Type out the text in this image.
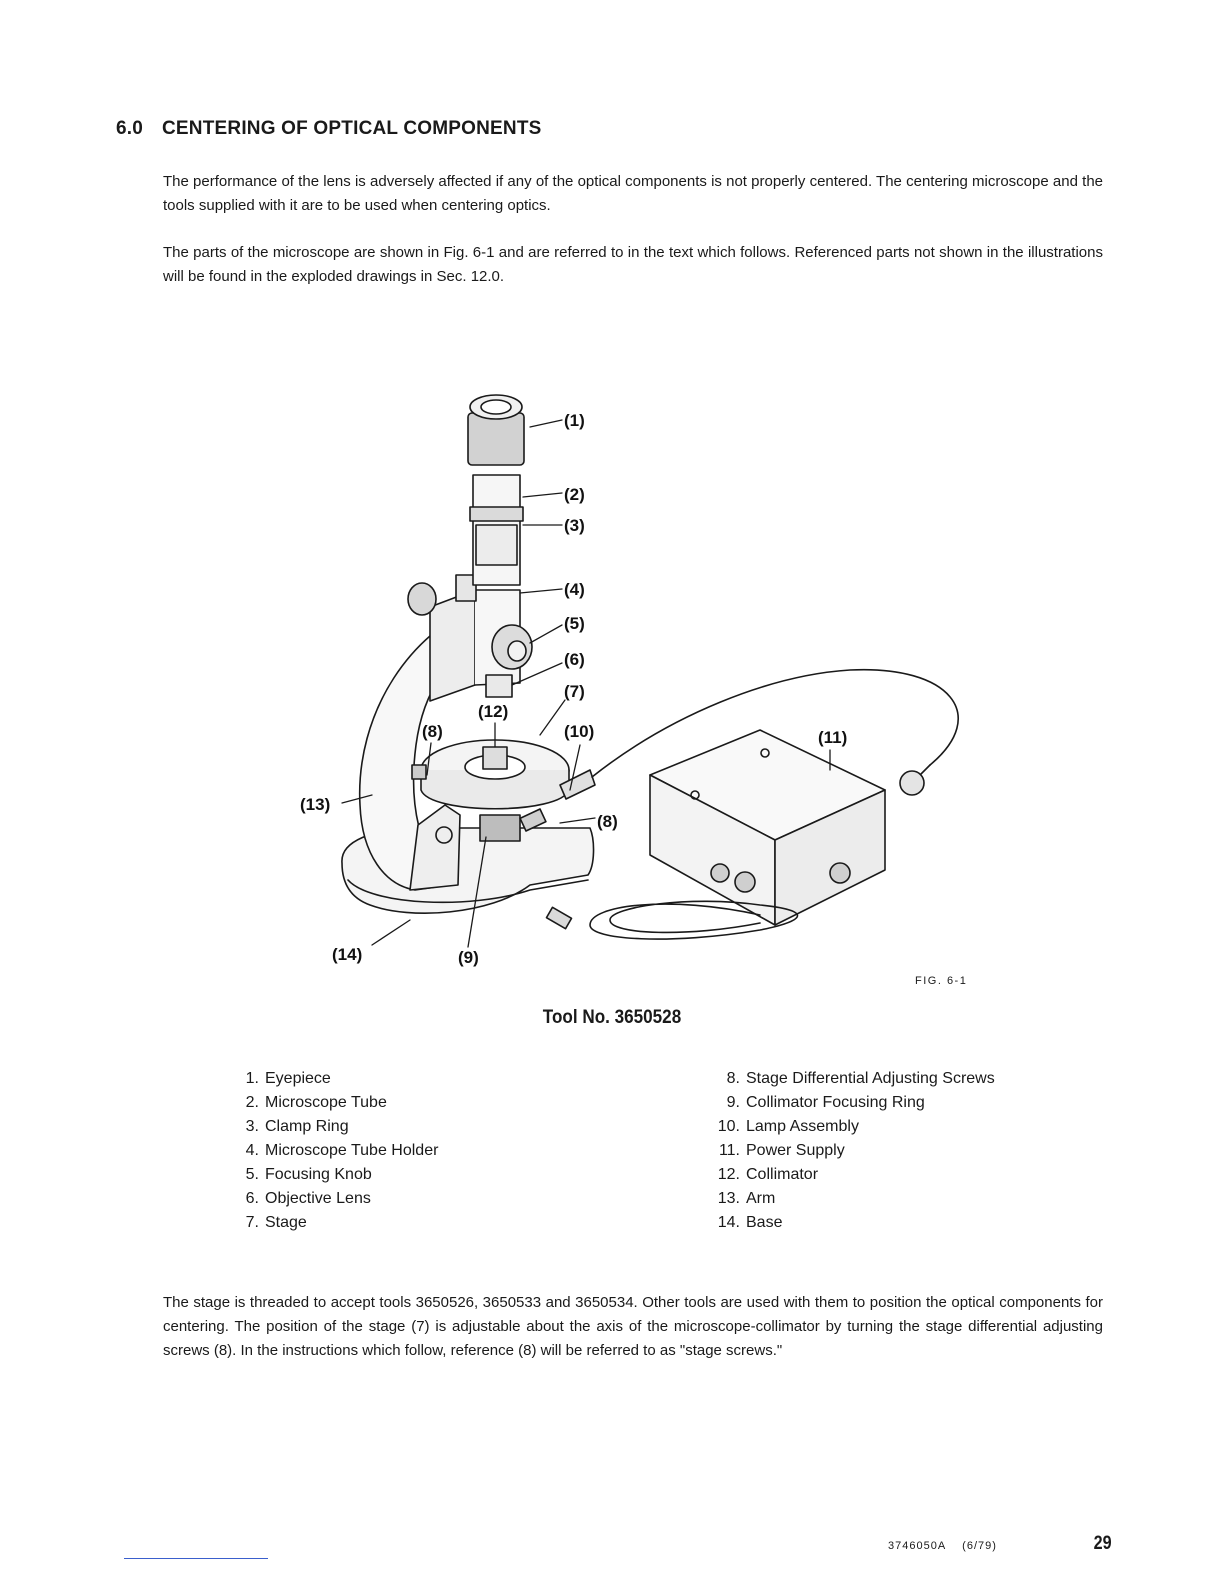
6.0 CENTERING OF OPTICAL COMPONENTS

The performance of the lens is adversely affected if any of the optical components is not properly centered. The centering microscope and the tools supplied with it are to be used when centering optics.

The parts of the microscope are shown in Fig. 6-1 and are referred to in the text which follows. Referenced parts not shown in the illustrations will be found in the exploded drawings in Sec. 12.0.

(1)
(2)
(3)
(4)
(5)
(6)
(7)
(8)
(8)
(9)
(10)	(11)
(12)
(13)
(14)
FIG. 6-1
Tool No. 3650528
1. Eyepiece
2. Microscope Tube
3. Clamp Ring
4. Microscope Tube Holder
5. Focusing Knob
6. Objective Lens
7. Stage
8. Stage Differential Adjusting Screws
9. Collimator Focusing Ring
10. Lamp Assembly
11. Power Supply
12. Collimator
13. Arm
14. Base

The stage is threaded to accept tools 3650526, 3650533 and 3650534. Other tools are used with them to position the optical components for centering. The position of the stage (7) is adjustable about the axis of the microscope-collimator by turning the stage differential adjusting screws (8). In the instructions which follow, reference (8) will be referred to as "stage screws."

3746050A (6/79)	29
